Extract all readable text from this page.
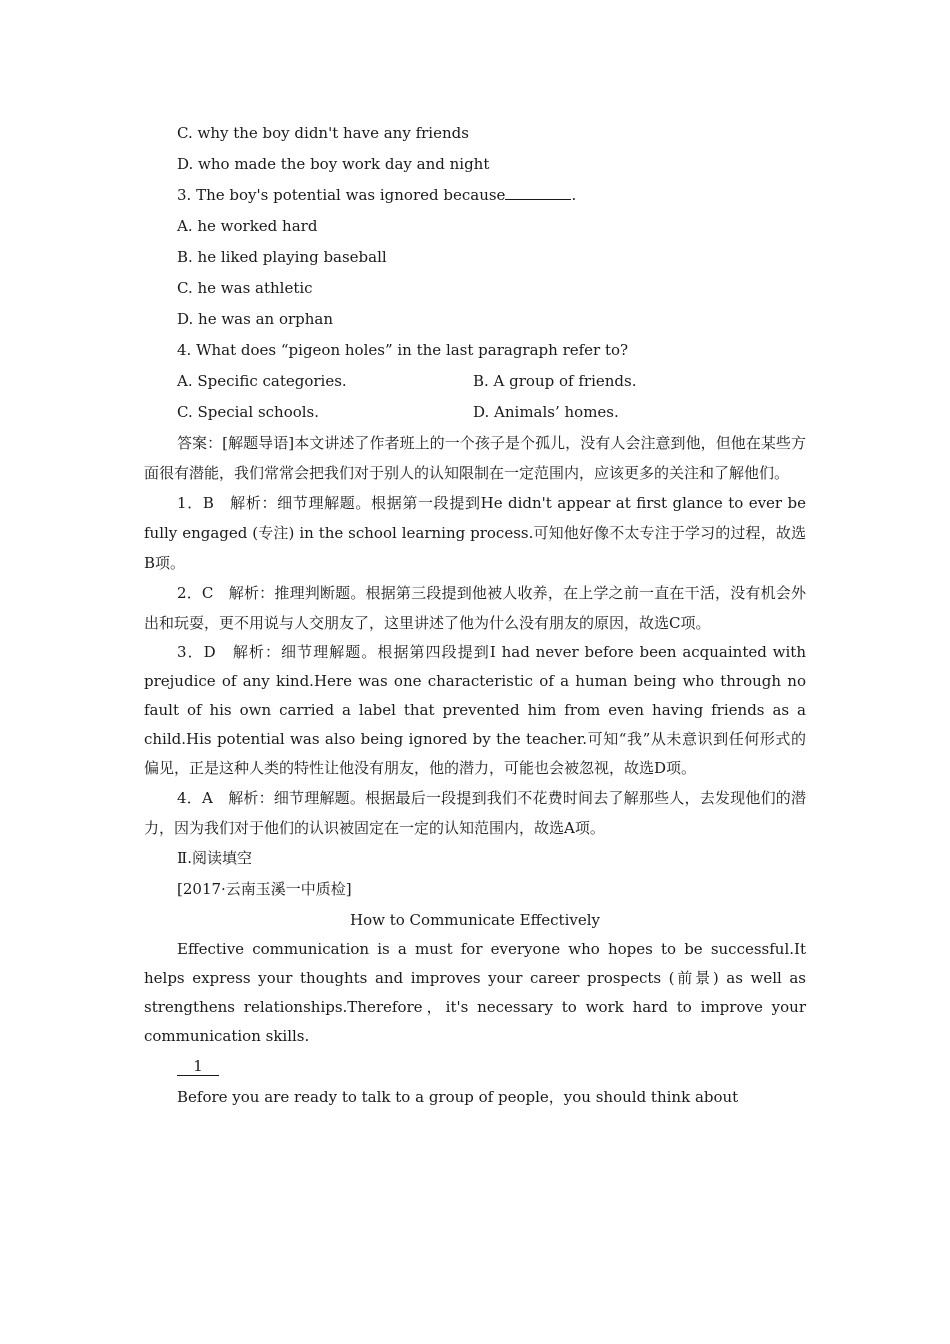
C. why the boy didn't have any friends
D. who made the boy work day and night
3. The boy's potential was ignored because	.
A. he worked hard
B. he liked playing baseball
C. he was athletic
D. he was an orphan
4. What does “pigeon holes” in the last paragraph refer to?
A. Specific categories.	B. A group of friends.
C. Special schools.	D. Animals’ homes.

答案：[解题导语]本文讲述了作者班上的一个孩子是个孤儿，没有人会注意到他，但他在某些方面很有潜能，我们常常会把我们对于别人的认知限制在一定范围内，应该更多的关注和了解他们。

1．B　解析：细节理解题。根据第一段提到He didn't appear at first glance to ever be fully engaged (专注) in the school learning process.可知他好像不太专注于学习的过程，故选B项。

2．C　解析：推理判断题。根据第三段提到他被人收养，在上学之前一直在干活，没有机会外出和玩耍，更不用说与人交朋友了，这里讲述了他为什么没有朋友的原因，故选C项。

3．D　解析：细节理解题。根据第四段提到I had never before been acquainted with prejudice of any kind.Here was one characteristic of a human being who through no fault of his own carried a label that prevented him from even having friends as a child.His potential was also being ignored by the teacher.可知“我”从未意识到任何形式的偏见，正是这种人类的特性让他没有朋友，他的潜力，可能也会被忽视，故选D项。

4．A　解析：细节理解题。根据最后一段提到我们不花费时间去了解那些人，去发现他们的潜力，因为我们对于他们的认识被固定在一定的认知范围内，故选A项。

Ⅱ.阅读填空
[2017·云南玉溪一中质检]
How to Communicate Effectively

Effective communication is a must for everyone who hopes to be successful.It helps express your thoughts and improves your career prospects (前景) as well as strengthens relationships.Therefore，it's necessary to work hard to improve your communication skills.

1

Before you are ready to talk to a group of people，you should think about
